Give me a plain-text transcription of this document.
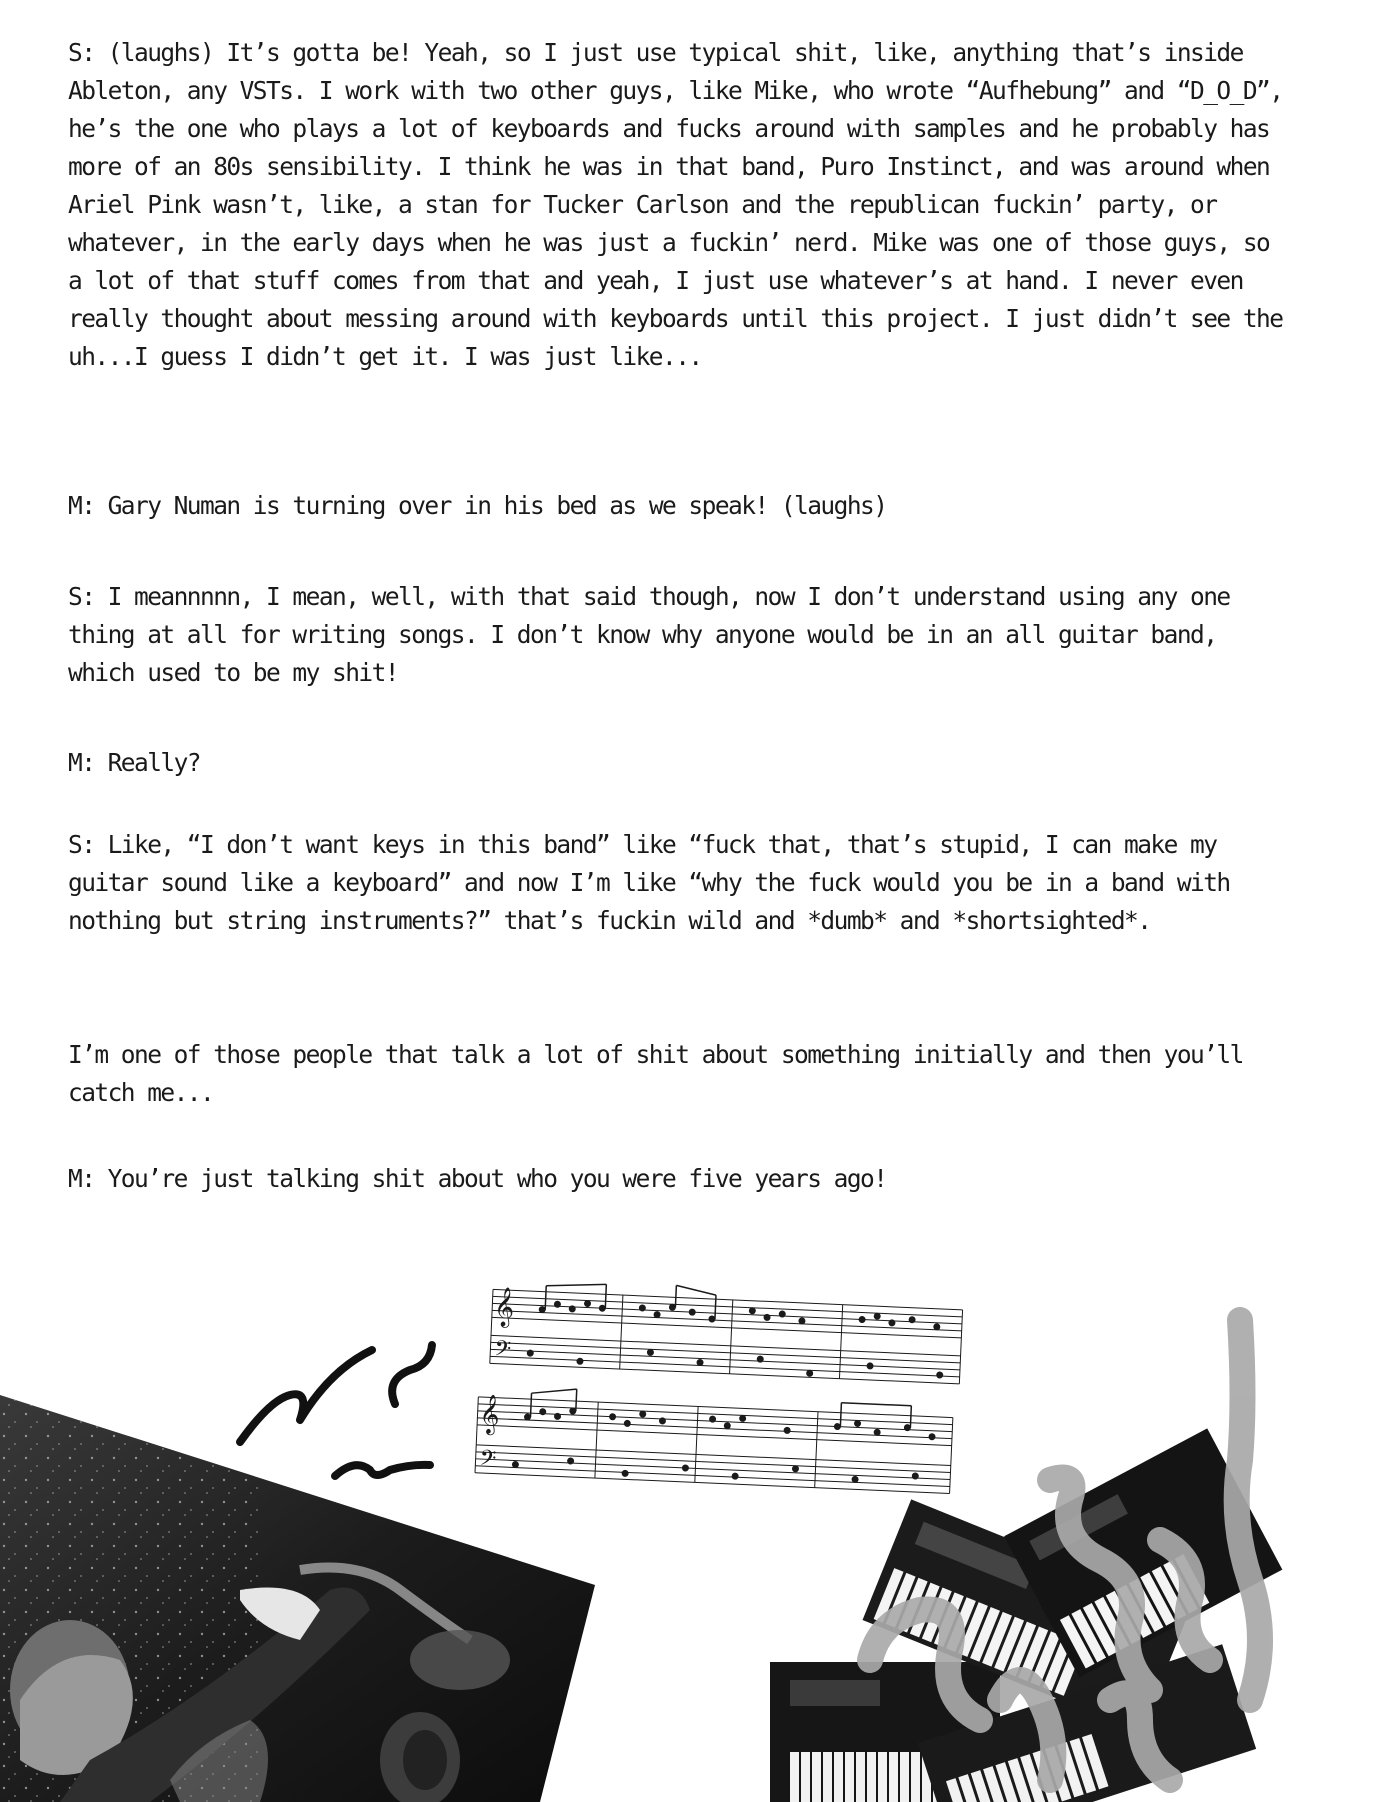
S: (laughs) It’s gotta be! Yeah, so I just use typical shit, like, anything that’s inside Ableton, any VSTs. I work with two other guys, like Mike, who wrote “Aufhebung” and “D_O_D”, he’s the one who plays a lot of keyboards and fucks around with samples and he probably has more of an 80s sensibility. I think he was in that band, Puro Instinct, and was around when Ariel Pink wasn’t, like, a stan for Tucker Carlson and the republican fuckin’ party, or whatever, in the early days when he was just a fuckin’ nerd. Mike was one of those guys, so a lot of that stuff comes from that and yeah, I just use whatever’s at hand. I never even really thought about messing around with keyboards until this project. I just didn’t see the uh...I guess I didn’t get it. I was just like...

M: Gary Numan is turning over in his bed as we speak! (laughs)

S: I meannnnn, I mean, well, with that said though, now I don’t understand using any one thing at all for writing songs. I don’t know why anyone would be in an all guitar band, which used to be my shit!

M: Really?

S: Like, “I don’t want keys in this band” like “fuck that, that’s stupid, I can make my guitar sound like a keyboard” and now I’m like “why the fuck would you be in a band with nothing but string instruments?” that’s fuckin wild and *dumb* and *shortsighted*.

I’m one of those people that talk a lot of shit about something initially and then you’ll catch me...

M: You’re just talking shit about who you were five years ago!

𝄞
𝄢
𝄞
𝄢
